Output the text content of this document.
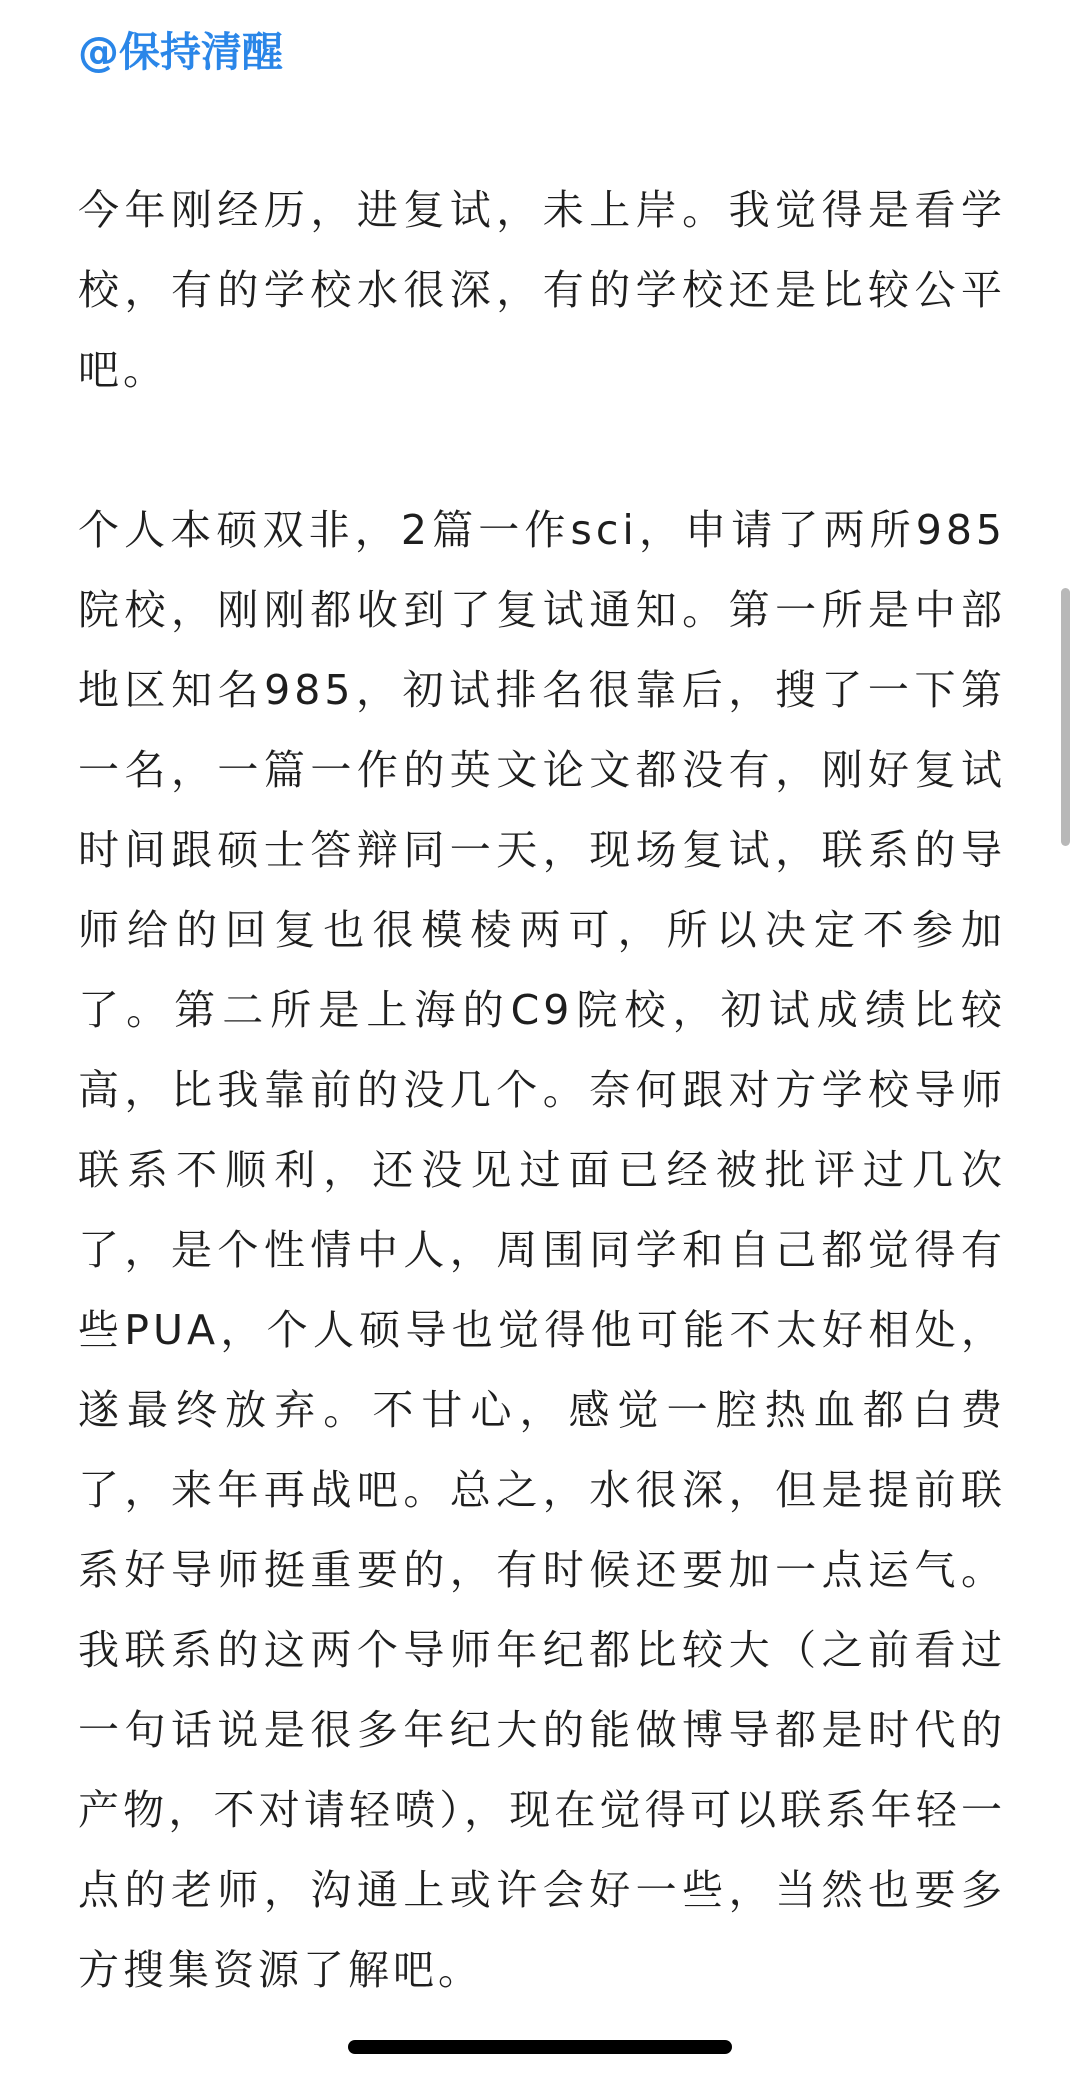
@保持清醒

今年刚经历，进复试，未上岸。我觉得是看学校，有的学校水很深，有的学校还是比较公平吧。

个人本硕双非，2篇一作sci，申请了两所985院校，刚刚都收到了复试通知。第一所是中部地区知名985，初试排名很靠后，搜了一下第一名，一篇一作的英文论文都没有，刚好复试时间跟硕士答辩同一天，现场复试，联系的导师给的回复也很模棱两可，所以决定不参加了。第二所是上海的C9院校，初试成绩比较高，比我靠前的没几个。奈何跟对方学校导师联系不顺利，还没见过面已经被批评过几次了，是个性情中人，周围同学和自己都觉得有些PUA，个人硕导也觉得他可能不太好相处，遂最终放弃。不甘心，感觉一腔热血都白费了，来年再战吧。总之，水很深，但是提前联系好导师挺重要的，有时候还要加一点运气。我联系的这两个导师年纪都比较大（之前看过一句话说是很多年纪大的能做博导都是时代的产物，不对请轻喷），现在觉得可以联系年轻一点的老师，沟通上或许会好一些，当然也要多方搜集资源了解吧。
